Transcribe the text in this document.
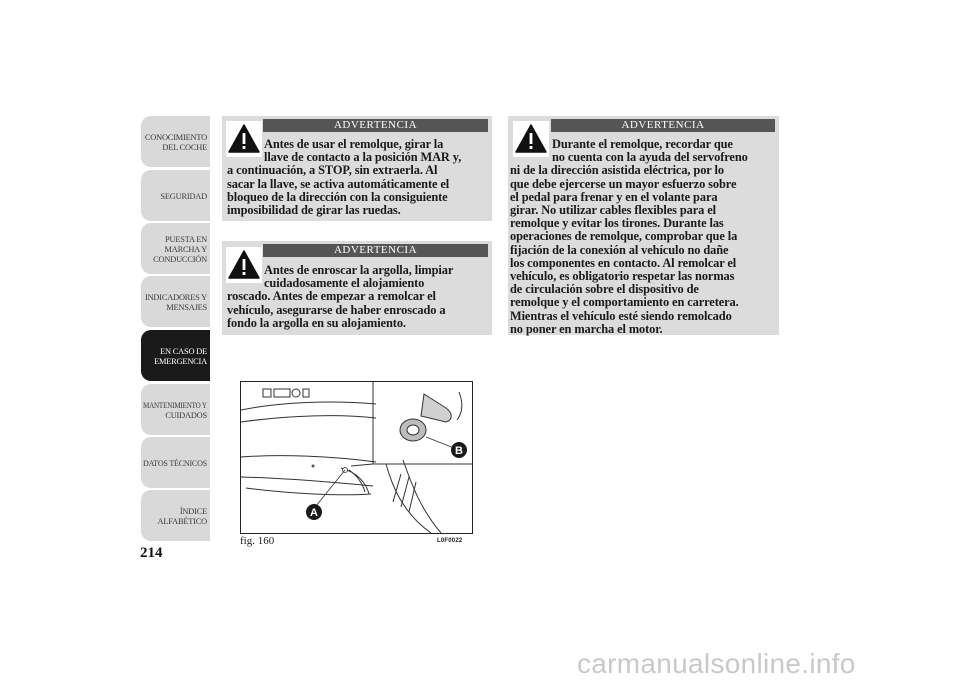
CONOCIMIENTO
DEL COCHE
SEGURIDAD
PUESTA EN
MARCHA Y
CONDUCCIÓN
INDICADORES Y
MENSAJES
EN CASO DE
EMERGENCIA
MANTENIMIENTO Y
CUIDADOS
DATOS TÉCNICOS
ÍNDICE
ALFABÉTICO
214
ADVERTENCIA
Antes de usar el remolque, girar la
llave de contacto a la posición MAR y,
a continuación, a STOP, sin extraerla. Al
sacar la llave, se activa automáticamente el
bloqueo de la dirección con la consiguiente
imposibilidad de girar las ruedas.
ADVERTENCIA
Antes de enroscar la argolla, limpiar
cuidadosamente el alojamiento
roscado. Antes de empezar a remolcar el
vehículo, asegurarse de haber enroscado a
fondo la argolla en su alojamiento.
ADVERTENCIA
Durante el remolque, recordar que
no cuenta con la ayuda del servofreno
ni de la dirección asistida eléctrica, por lo
que debe ejercerse un mayor esfuerzo sobre
el pedal para frenar y en el volante para
girar. No utilizar cables flexibles para el
remolque y evitar los tirones. Durante las
operaciones de remolque, comprobar que la
fijación de la conexión al vehículo no dañe
los componentes en contacto. Al remolcar el
vehículo, es obligatorio respetar las normas
de circulación sobre el dispositivo de
remolque y el comportamiento en carretera.
Mientras el vehículo esté siendo remolcado
no poner en marcha el motor.
A
B
fig. 160	L0F0022
carmanualsonline.info
